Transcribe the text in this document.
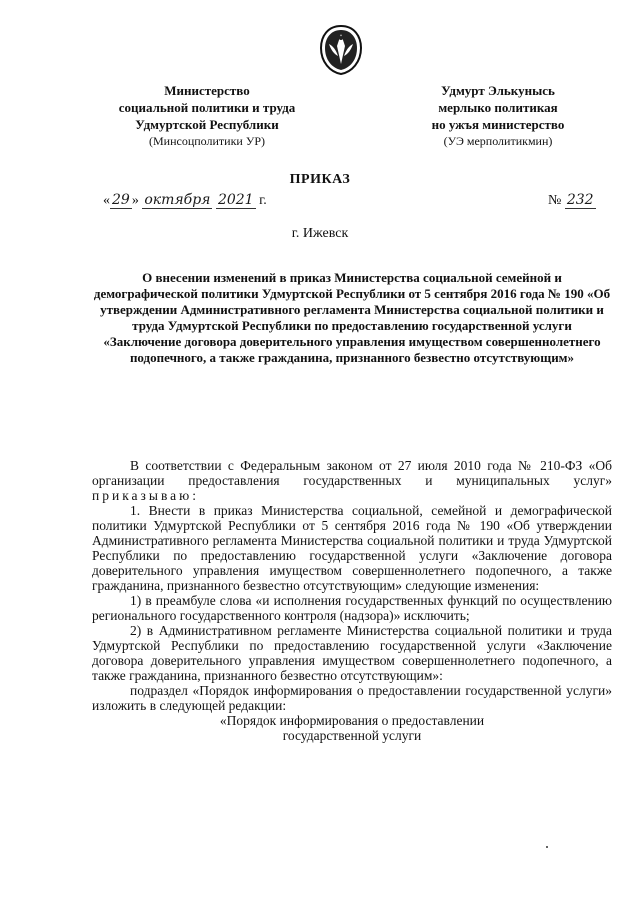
Министерство
социальной политики и труда
Удмуртской Республики
(Минсоцполитики УР)
Удмурт Элькунысь
мерлыко политикая
но ужъя министерство
(УЭ мерполитикмин)
ПРИКАЗ
« 29 » октября 2021 г.	№ 232
г. Ижевск
О внесении изменений в приказ Министерства социальной семейной и демографической политики Удмуртской Республики от 5 сентября 2016 года № 190 «Об утверждении Административного регламента Министерства социальной политики и труда Удмуртской Республики по предоставлению государственной услуги «Заключение договора доверительного управления имуществом совершеннолетнего подопечного, а также гражданина, признанного безвестно отсутствующим»

В соответствии с Федеральным законом от 27 июля 2010 года № 210-ФЗ «Об организации предоставления государственных и муниципальных услуг» приказываю:

1. Внести в приказ Министерства социальной, семейной и демографической политики Удмуртской Республики от 5 сентября 2016 года № 190 «Об утверждении Административного регламента Министерства социальной политики и труда Удмуртской Республики по предоставлению государственной услуги «Заключение договора доверительного управления имуществом совершеннолетнего подопечного, а также гражданина, признанного безвестно отсутствующим» следующие изменения:

1) в преамбуле слова «и исполнения государственных функций по осуществлению регионального государственного контроля (надзора)» исключить;

2) в Административном регламенте Министерства социальной политики и труда Удмуртской Республики по предоставлению государственной услуги «Заключение договора доверительного управления имуществом совершеннолетнего подопечного, а также гражданина, признанного безвестно отсутствующим»:

подраздел «Порядок информирования о предоставлении государственной услуги» изложить в следующей редакции:

«Порядок информирования о предоставлении
государственной услуги
